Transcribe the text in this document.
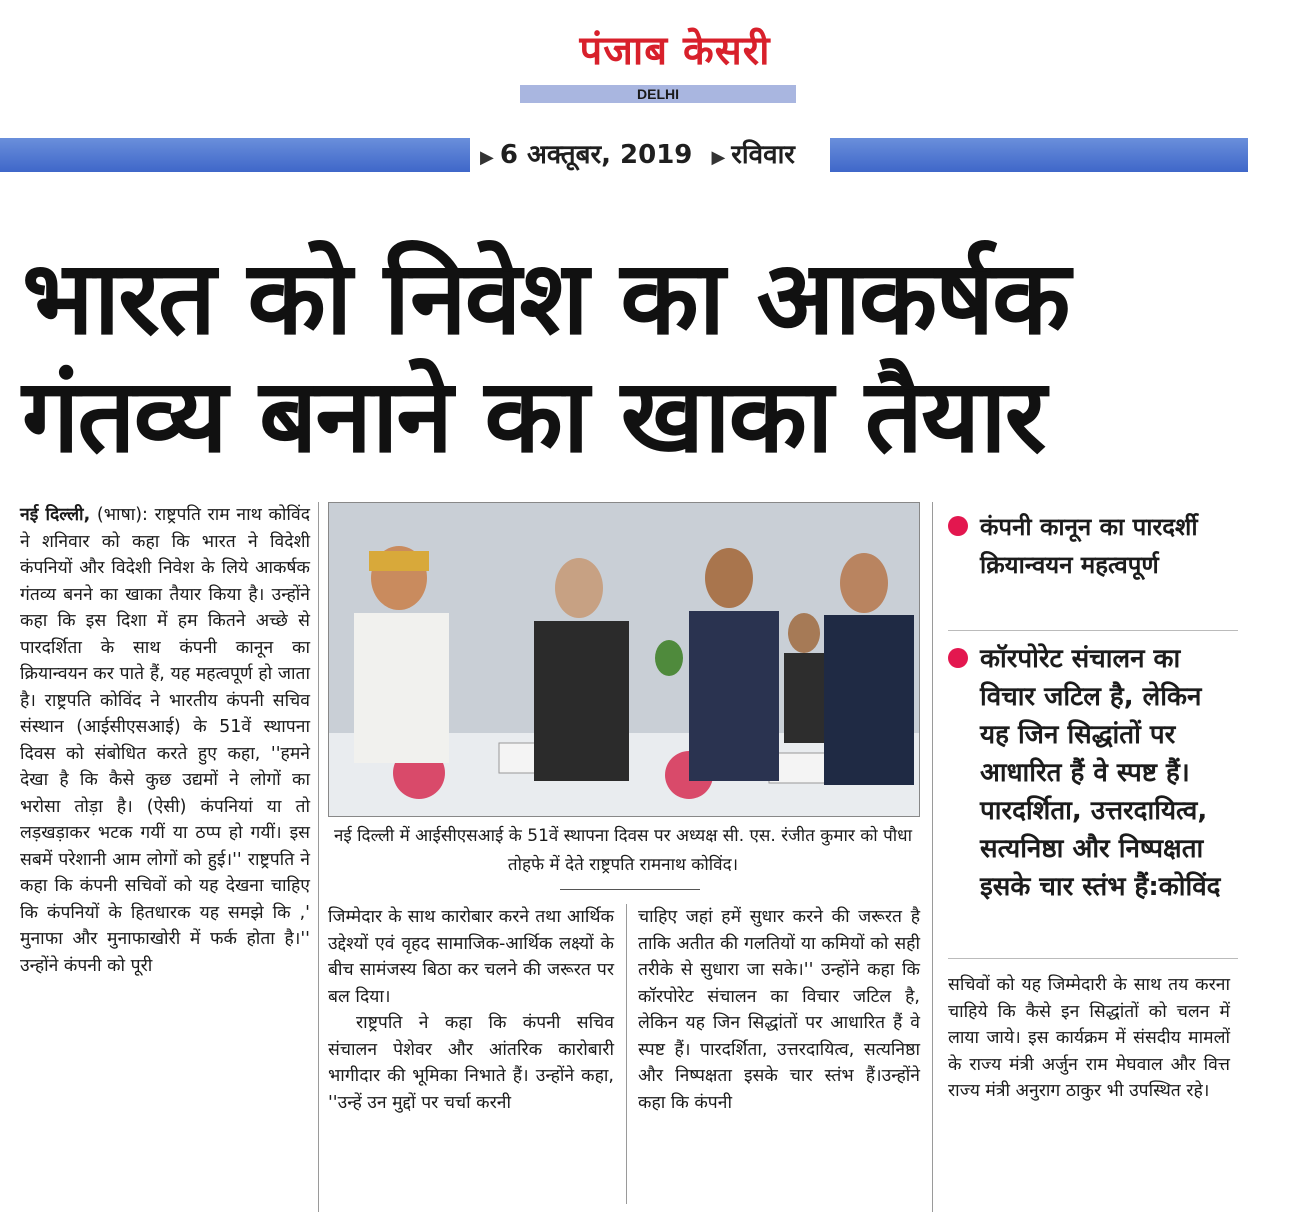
पंजाब केसरी
DELHI
▶ 6 अक्तूबर, 2019 ▶ रविवार
भारत को निवेश का आकर्षक
गंतव्य बनाने का खाका तैयार

नई दिल्ली, (भाषा): राष्ट्रपति राम नाथ कोविंद ने शनिवार को कहा कि भारत ने विदेशी कंपनियों और विदेशी निवेश के लिये आकर्षक गंतव्य बनने का खाका तैयार किया है। उन्होंने कहा कि इस दिशा में हम कितने अच्छे से पारदर्शिता के साथ कंपनी कानून का क्रियान्वयन कर पाते हैं, यह महत्वपूर्ण हो जाता है। राष्ट्रपति कोविंद ने भारतीय कंपनी सचिव संस्थान (आईसीएसआई) के 51वें स्थापना दिवस को संबोधित करते हुए कहा, ''हमने देखा है कि कैसे कुछ उद्यमों ने लोगों का भरोसा तोड़ा है। (ऐसी) कंपनियां या तो लड़खड़ाकर भटक गयीं या ठप्प हो गयीं। इस सबमें परेशानी आम लोगों को हुई।'' राष्ट्रपति ने कहा कि कंपनी सचिवों को यह देखना चाहिए कि कंपनियों के हितधारक यह समझे कि ,' मुनाफा और मुनाफाखोरी में फर्क होता है।'' उन्होंने कंपनी को पूरी

नई दिल्ली में आईसीएसआई के 51वें स्थापना दिवस पर अध्यक्ष सी. एस. रंजीत कुमार को पौधा तोहफे में देते राष्ट्रपति रामनाथ कोविंद।

जिम्मेदार के साथ कारोबार करने तथा आर्थिक उद्देश्यों एवं वृहद सामाजिक-आर्थिक लक्ष्यों के बीच सामंजस्य बिठा कर चलने की जरूरत पर बल दिया।

राष्ट्रपति ने कहा कि कंपनी सचिव संचालन पेशेवर और आंतरिक कारोबारी भागीदार की भूमिका निभाते हैं। उन्होंने कहा, ''उन्हें उन मुद्दों पर चर्चा करनी

चाहिए जहां हमें सुधार करने की जरूरत है ताकि अतीत की गलतियों या कमियों को सही तरीके से सुधारा जा सके।'' उन्होंने कहा कि कॉरपोरेट संचालन का विचार जटिल है, लेकिन यह जिन सिद्धांतों पर आधारित हैं वे स्पष्ट हैं। पारदर्शिता, उत्तरदायित्व, सत्यनिष्ठा और निष्पक्षता इसके चार स्तंभ हैं।उन्होंने कहा कि कंपनी

कंपनी कानून का पारदर्शी क्रियान्वयन महत्वपूर्ण

कॉरपोरेट संचालन का विचार जटिल है, लेकिन यह जिन सिद्धांतों पर आधारित हैं वे स्पष्ट हैं। पारदर्शिता, उत्तरदायित्व, सत्यनिष्ठा और निष्पक्षता इसके चार स्तंभ हैं:कोविंद

सचिवों को यह जिम्मेदारी के साथ तय करना चाहिये कि कैसे इन सिद्धांतों को चलन में लाया जाये। इस कार्यक्रम में संसदीय मामलों के राज्य मंत्री अर्जुन राम मेघवाल और वित्त राज्य मंत्री अनुराग ठाकुर भी उपस्थित रहे।
